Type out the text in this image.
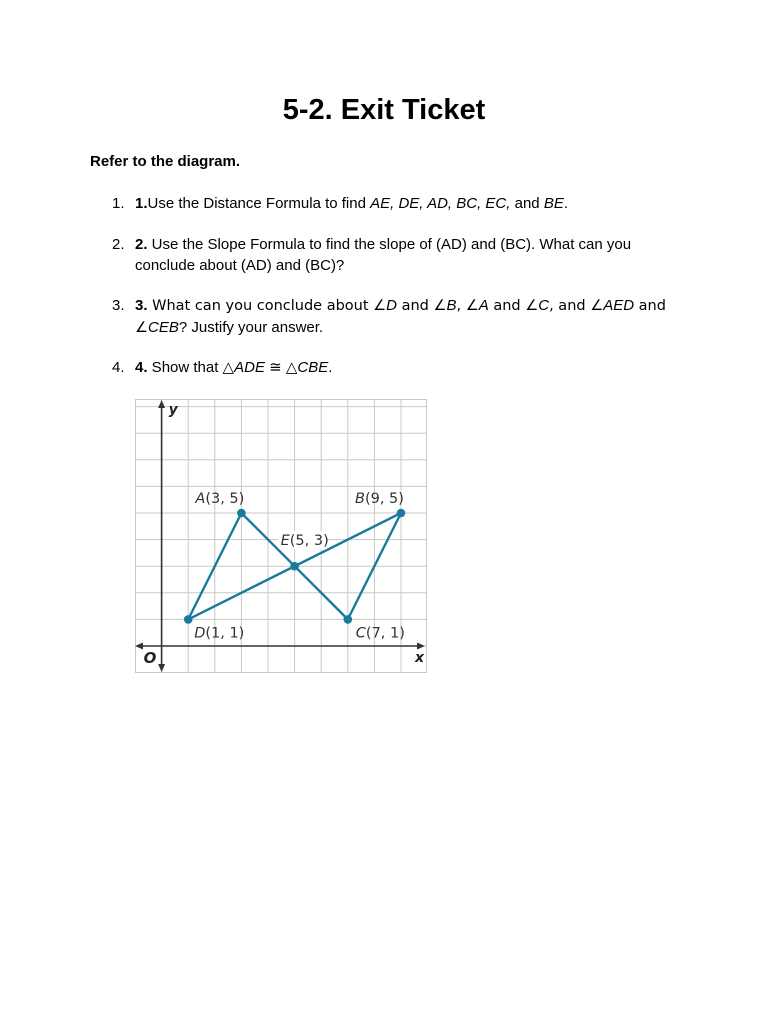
5-2. Exit Ticket

Refer to the diagram.

1. 1.Use the Distance Formula to find AE, DE, AD, BC, EC, and BE.
2. 2. Use the Slope Formula to find the slope of (AD) and (BC). What can you conclude about (AD) and (BC)?
3. 3. What can you conclude about ∠D and ∠B, ∠A and ∠C, and ∠AED and ∠CEB? Justify your answer.
4. 4. Show that △ADE ≅ △CBE.
y
x
O
A(3, 5)	B(9, 5)
E(5, 3)
D(1, 1)	C(7, 1)
